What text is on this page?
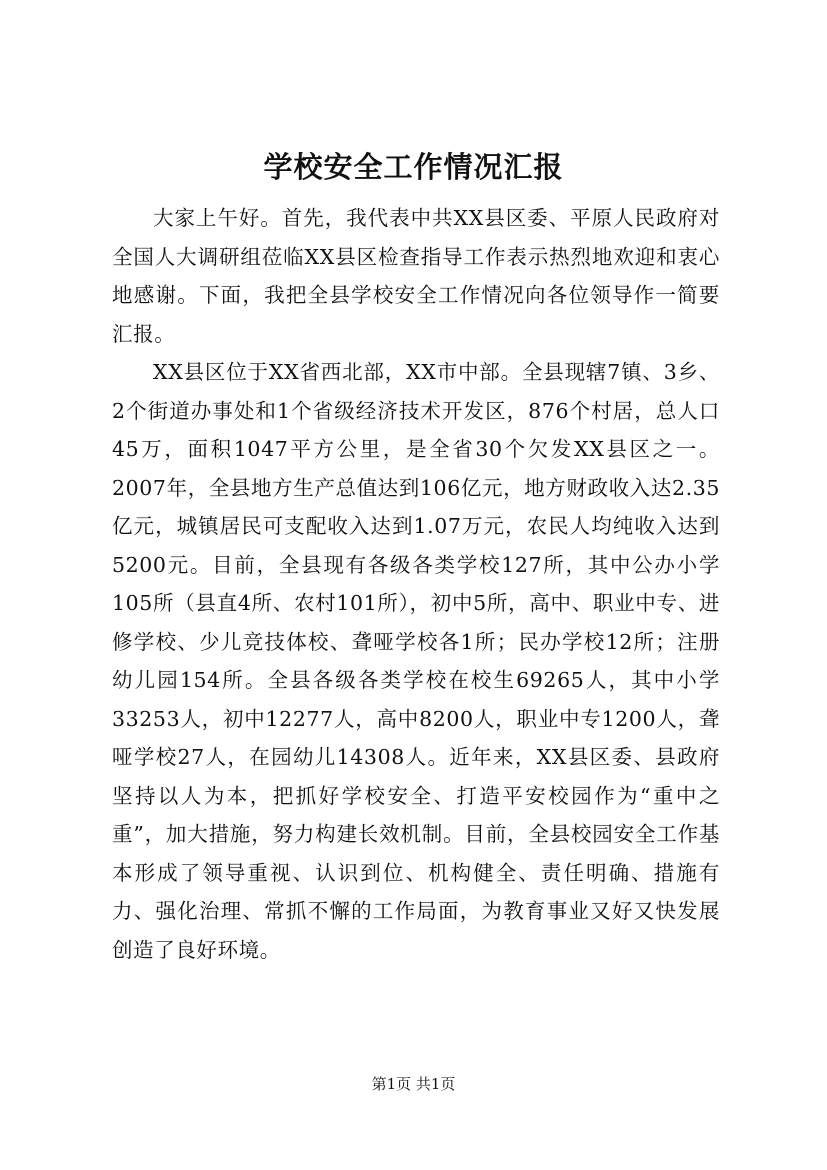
学校安全工作情况汇报

大家上午好。首先，我代表中共XX县区委、平原人民政府对全国人大调研组莅临XX县区检查指导工作表示热烈地欢迎和衷心地感谢。下面，我把全县学校安全工作情况向各位领导作一简要汇报。

XX县区位于XX省西北部，XX市中部。全县现辖7镇、3乡、2个街道办事处和1个省级经济技术开发区，876个村居，总人口45万，面积1047平方公里，是全省30个欠发XX县区之一。2007年，全县地方生产总值达到106亿元，地方财政收入达2.35亿元，城镇居民可支配收入达到1.07万元，农民人均纯收入达到5200元。目前，全县现有各级各类学校127所，其中公办小学105所（县直4所、农村101所），初中5所，高中、职业中专、进修学校、少儿竞技体校、聋哑学校各1所；民办学校12所；注册幼儿园154所。全县各级各类学校在校生69265人，其中小学33253人，初中12277人，高中8200人，职业中专1200人，聋哑学校27人，在园幼儿14308人。近年来，XX县区委、县政府坚持以人为本，把抓好学校安全、打造平安校园作为“重中之重”，加大措施，努力构建长效机制。目前，全县校园安全工作基本形成了领导重视、认识到位、机构健全、责任明确、措施有力、强化治理、常抓不懈的工作局面，为教育事业又好又快发展创造了良好环境。

第1页 共1页
